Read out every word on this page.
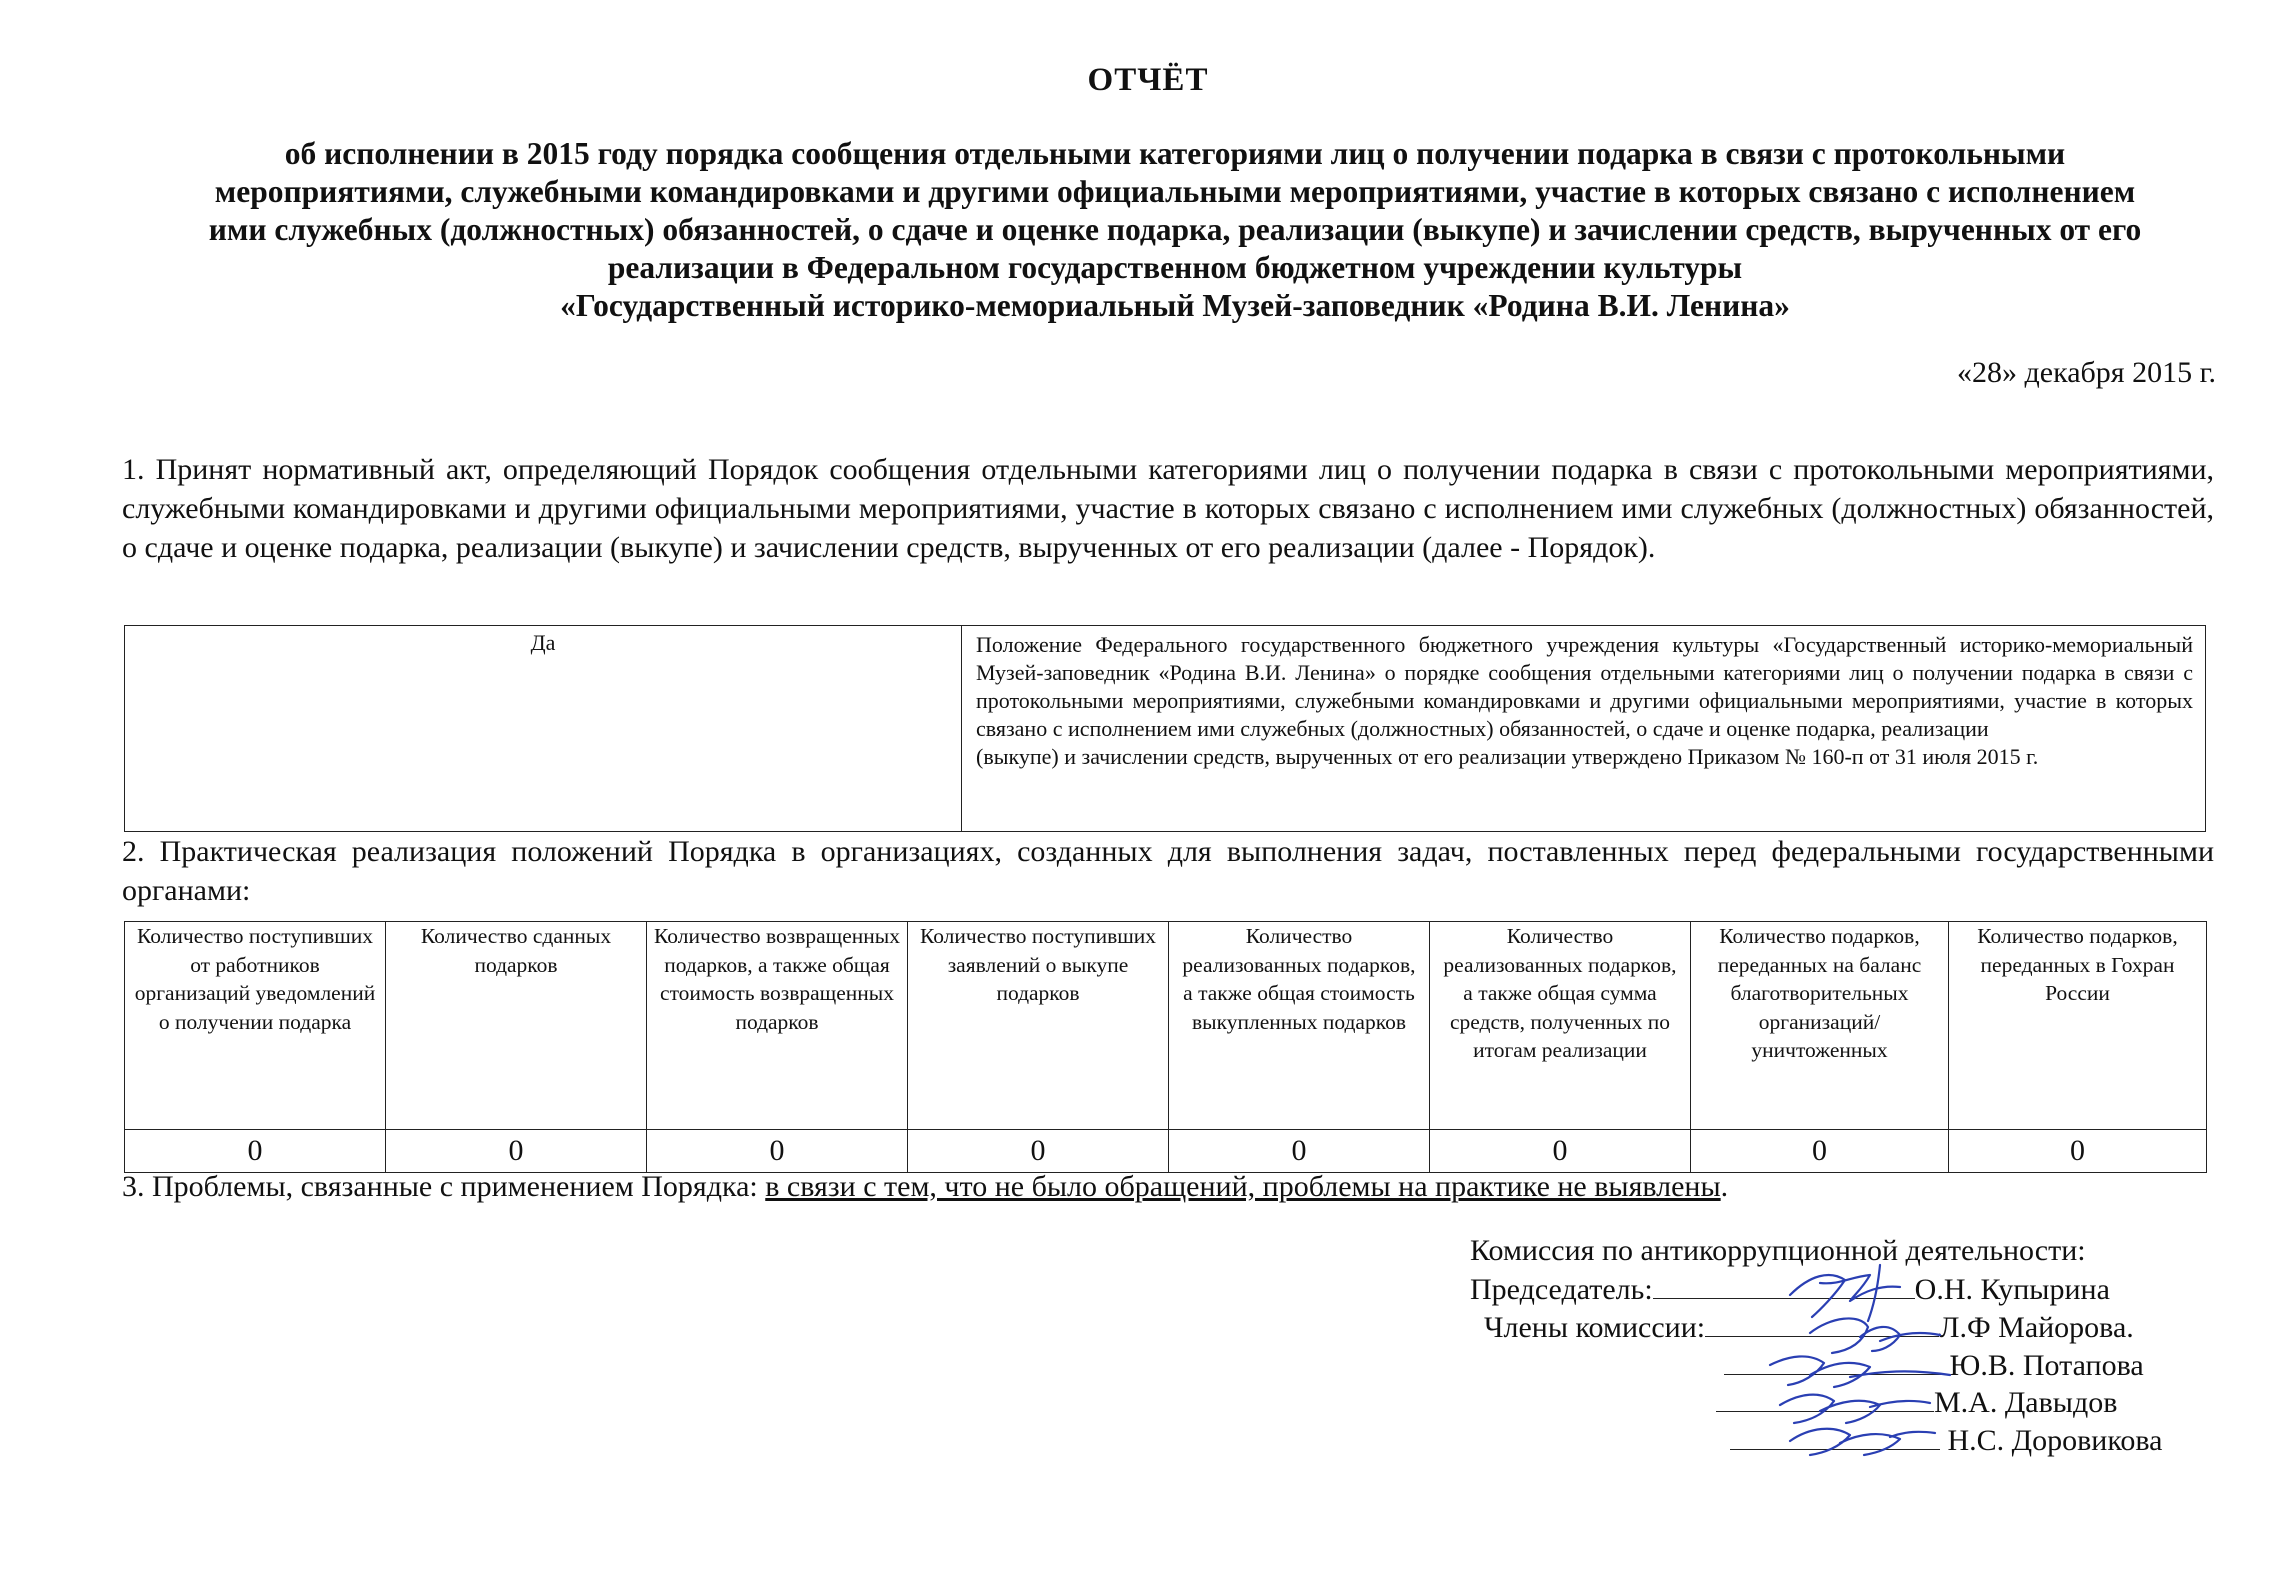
ОТЧЁТ
об исполнении в 2015 году порядка сообщения отдельными категориями лиц о получении подарка в связи с протокольными
мероприятиями, служебными командировками и другими официальными мероприятиями, участие в которых связано с исполнением
ими служебных (должностных) обязанностей, о сдаче и оценке подарка, реализации (выкупе) и зачислении средств, вырученных от его
реализации в Федеральном государственном бюджетном учреждении культуры
«Государственный историко-мемориальный Музей-заповедник «Родина В.И. Ленина»
«28» декабря 2015 г.
1. Принят нормативный акт, определяющий Порядок сообщения отдельными категориями лиц о получении подарка в связи с протокольными мероприятиями, служебными командировками и другими официальными мероприятиями, участие в которых связано с исполнением ими служебных (должностных) обязанностей, о сдаче и оценке подарка, реализации (выкупе) и зачислении средств, вырученных от его реализации (далее - Порядок).
Да	Положение Федерального государственного бюджетного учреждения культуры «Государственный историко-мемориальный Музей-заповедник «Родина В.И. Ленина» о порядке сообщения отдельными категориями лиц о получении подарка в связи с протокольными мероприятиями, служебными командировками и другими официальными мероприятиями, участие в которых связано с исполнением ими служебных (должностных) обязанностей, о сдаче и оценке подарка, реализации
(выкупе) и зачислении средств, вырученных от его реализации утверждено Приказом № 160-п от 31 июля 2015 г.
2. Практическая реализация положений Порядка в организациях, созданных для выполнения задач, поставленных перед федеральными государственными органами:
Количество поступивших от работников организаций уведомлений о получении подарка	Количество сданных подарков	Количество возвращенных подарков, а также общая стоимость возвращенных подарков	Количество поступивших заявлений о выкупе подарков	Количество реализованных подарков, а также общая стоимость выкупленных подарков	Количество реализованных подарков, а также общая сумма средств, полученных по итогам реализации	Количество подарков, переданных на баланс благотворительных организаций/ уничтоженных	Количество подарков, переданных в Гохран России
0	0	0	0	0	0	0	0
3. Проблемы, связанные с применением Порядка: в связи с тем, что не было обращений, проблемы на практике не выявлены.
Комиссия по антикоррупционной деятельности:
Председатель:	О.Н. Купырина
Члены комиссии:	Л.Ф Майорова.
Ю.В. Потапова
М.А. Давыдов
Н.С. Доровикова
